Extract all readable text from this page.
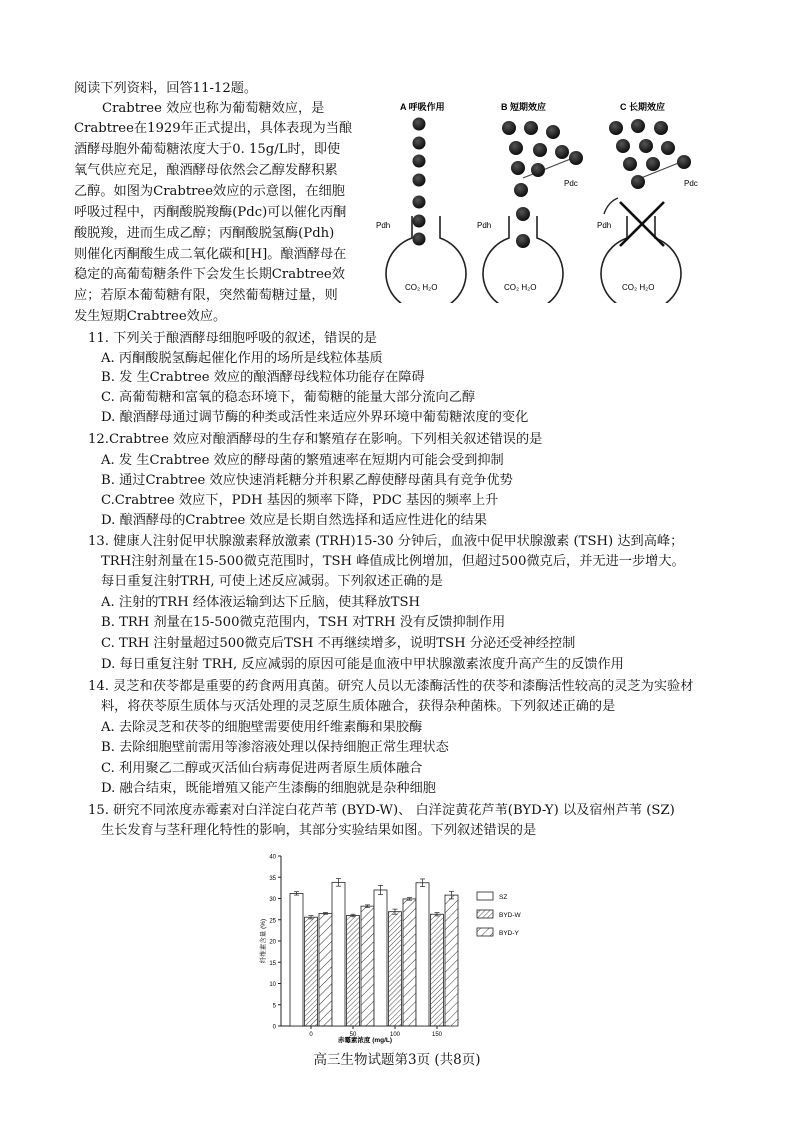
阅读下列资料，回答11-12题。
Crabtree 效应也称为葡萄糖效应，是
Crabtree在1929年正式提出，具体表现为当酿
酒酵母胞外葡萄糖浓度大于0. 15g/L时，即使
氧气供应充足，酿酒酵母依然会乙醇发酵积累
乙醇。如图为Crabtree效应的示意图，在细胞
呼吸过程中，丙酮酸脱羧酶(Pdc)可以催化丙酮
酸脱羧，进而生成乙醇；丙酮酸脱氢酶(Pdh)
则催化丙酮酸生成二氧化碳和[H]。酿酒酵母在
稳定的高葡萄糖条件下会发生长期Crabtree效
应；若原本葡萄糖有限，突然葡萄糖过量，则
发生短期Crabtree效应。
A 呼吸作用
Pdh
CO₂ H₂O
B 短期效应
Pdh
Pdc
CO₂ H₂O
C 长期效应
Pdh
Pdc
CO₂ H₂O
11. 下列关于酿酒酵母细胞呼吸的叙述，错误的是
A. 丙酮酸脱氢酶起催化作用的场所是线粒体基质
B. 发 生Crabtree 效应的酿酒酵母线粒体功能存在障碍
C. 高葡萄糖和富氧的稳态环境下，葡萄糖的能量大部分流向乙醇
D. 酿酒酵母通过调节酶的种类或活性来适应外界环境中葡萄糖浓度的变化
12.Crabtree 效应对酿酒酵母的生存和繁殖存在影响。下列相关叙述错误的是
A. 发 生Crabtree 效应的酵母菌的繁殖速率在短期内可能会受到抑制
B. 通过Crabtree 效应快速消耗糖分并积累乙醇使酵母菌具有竞争优势
C.Crabtree 效应下，PDH 基因的频率下降，PDC 基因的频率上升
D. 酿酒酵母的Crabtree 效应是长期自然选择和适应性进化的结果
13. 健康人注射促甲状腺激素释放激素 (TRH)15-30 分钟后，血液中促甲状腺激素 (TSH) 达到高峰；
TRH注射剂量在15-500微克范围时，TSH 峰值成比例增加，但超过500微克后，并无进一步增大。
每日重复注射TRH, 可使上述反应减弱。下列叙述正确的是
A. 注射的TRH 经体液运输到达下丘脑，使其释放TSH
B. TRH 剂量在15-500微克范围内，TSH 对TRH 没有反馈抑制作用
C. TRH 注射量超过500微克后TSH 不再继续增多，说明TSH 分泌还受神经控制
D. 每日重复注射 TRH, 反应减弱的原因可能是血液中甲状腺激素浓度升高产生的反馈作用
14. 灵芝和茯苓都是重要的药食两用真菌。研究人员以无漆酶活性的茯苓和漆酶活性较高的灵芝为实验材
料，将茯苓原生质体与灭活处理的灵芝原生质体融合，获得杂种菌株。下列叙述正确的是
A. 去除灵芝和茯苓的细胞壁需要使用纤维素酶和果胶酶
B. 去除细胞壁前需用等渗溶液处理以保持细胞正常生理状态
C. 利用聚乙二醇或灭活仙台病毒促进两者原生质体融合
D. 融合结束，既能增殖又能产生漆酶的细胞就是杂种细胞
15. 研究不同浓度赤霉素对白洋淀白花芦苇 (BYD-W)、 白洋淀黄花芦苇(BYD-Y) 以及宿州芦苇 (SZ)
生长发育与茎秆理化特性的影响，其部分实验结果如图。下列叙述错误的是
0
5
10
15
20
25
30
35
40
纤维素含量 (%)
0	50	100	150
赤霉素浓度 (mg/L)
SZ
BYD-W
BYD-Y
高三生物试题第3页 (共8页)
